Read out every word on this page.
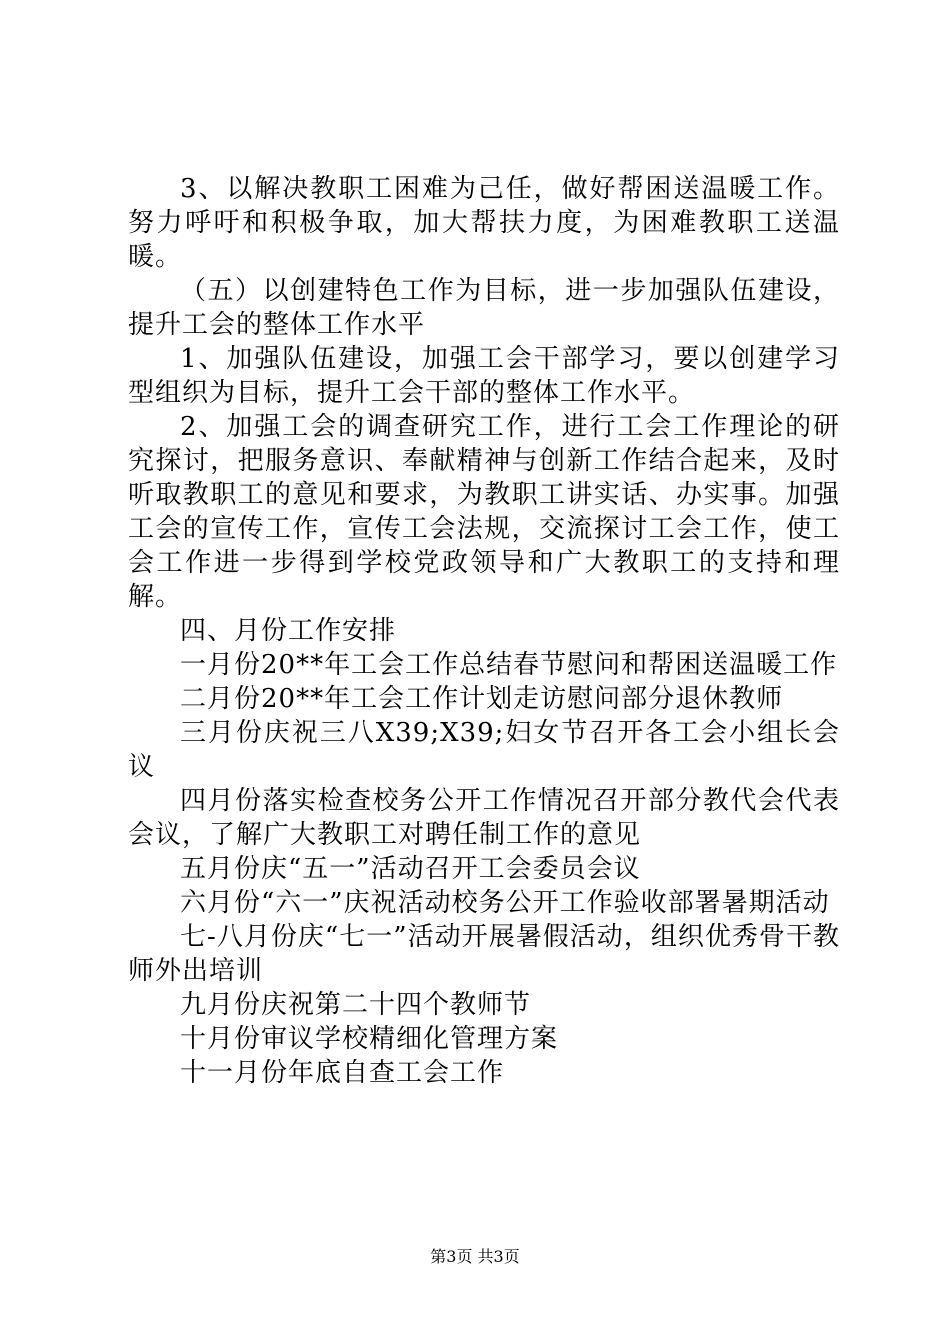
3、以解决教职工困难为己任，做好帮困送温暖工作。努力呼吁和积极争取，加大帮扶力度，为困难教职工送温暖。

（五）以创建特色工作为目标，进一步加强队伍建设，提升工会的整体工作水平

1、加强队伍建设，加强工会干部学习，要以创建学习型组织为目标，提升工会干部的整体工作水平。

2、加强工会的调查研究工作，进行工会工作理论的研究探讨，把服务意识、奉献精神与创新工作结合起来，及时听取教职工的意见和要求，为教职工讲实话、办实事。加强工会的宣传工作，宣传工会法规，交流探讨工会工作，使工会工作进一步得到学校党政领导和广大教职工的支持和理解。

四、月份工作安排

一月份20**年工会工作总结春节慰问和帮困送温暖工作

二月份20**年工会工作计划走访慰问部分退休教师

三月份庆祝三八X39;X39;妇女节召开各工会小组长会议

四月份落实检查校务公开工作情况召开部分教代会代表会议，了解广大教职工对聘任制工作的意见

五月份庆“五一”活动召开工会委员会议

六月份“六一”庆祝活动校务公开工作验收部署暑期活动

七-八月份庆“七一”活动开展暑假活动，组织优秀骨干教师外出培训

九月份庆祝第二十四个教师节

十月份审议学校精细化管理方案

十一月份年底自查工会工作

第3页 共3页
